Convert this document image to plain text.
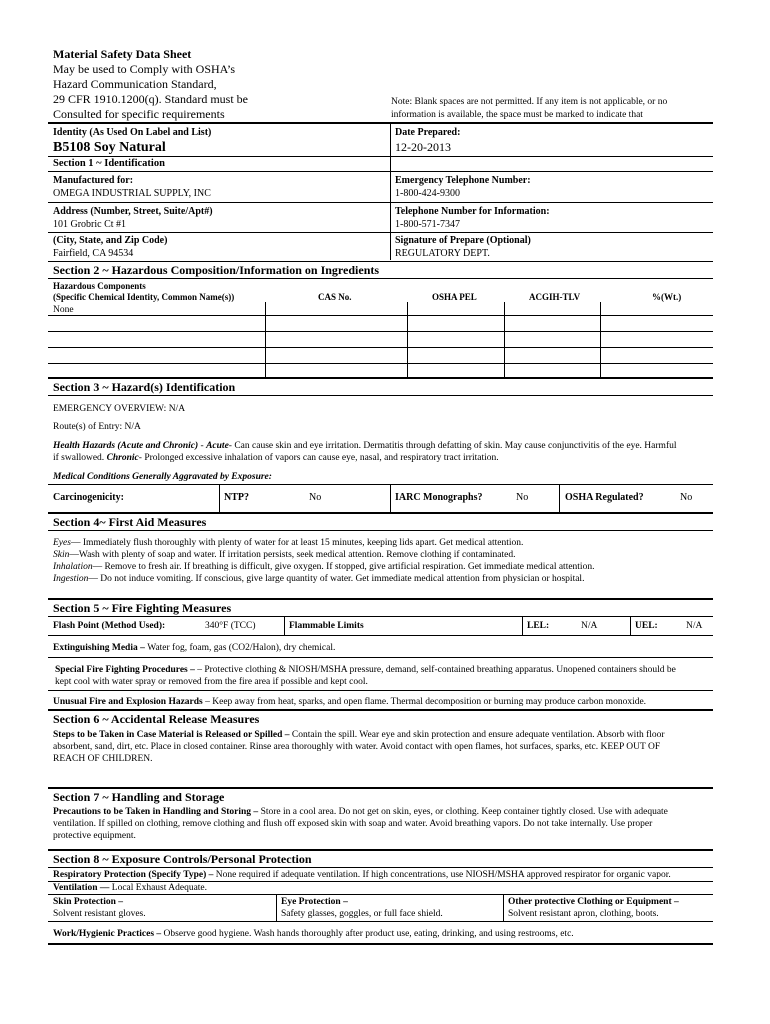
Material Safety Data Sheet
May be used to Comply with OSHA’s
Hazard Communication Standard,
29 CFR 1910.1200(q). Standard must be
Consulted for specific requirements
Note: Blank spaces are not permitted. If any item is not applicable, or no
information is available, the space must be marked to indicate that
Identity (As Used On Label and List)
B5108 Soy Natural
Date Prepared:
12-20-2013
Section 1 ~ Identification
Manufactured for:
OMEGA INDUSTRIAL SUPPLY, INC
Emergency Telephone Number:
1-800-424-9300
Address (Number, Street, Suite/Apt#)
101 Grobric Ct #1
Telephone Number for Information:
1-800-571-7347
(City, State, and Zip Code)
Fairfield, CA 94534
Signature of Prepare (Optional)
REGULATORY DEPT.
Section 2 ~ Hazardous Composition/Information on Ingredients
Hazardous Components
(Specific Chemical Identity, Common Name(s))	CAS No.	OSHA PEL	ACGIH-TLV	%(Wt.)
None
Section 3 ~ Hazard(s) Identification
EMERGENCY OVERVIEW: N/A
Route(s) of Entry: N/A
Health Hazards (Acute and Chronic) - Acute- Can cause skin and eye irritation. Dermatitis through defatting of skin. May cause conjunctivitis of the eye. Harmful
if swallowed. Chronic- Prolonged excessive inhalation of vapors can cause eye, nasal, and respiratory tract irritation.
Medical Conditions Generally Aggravated by Exposure:
Carcinogenicity:	NTP?	No	IARC Monographs?	No	OSHA Regulated?	No
Section 4~ First Aid Measures
Eyes— Immediately flush thoroughly with plenty of water for at least 15 minutes, keeping lids apart. Get medical attention.
Skin—Wash with plenty of soap and water. If irritation persists, seek medical attention. Remove clothing if contaminated.
Inhalation— Remove to fresh air. If breathing is difficult, give oxygen. If stopped, give artificial respiration. Get immediate medical attention.
Ingestion— Do not induce vomiting. If conscious, give large quantity of water. Get immediate medical attention from physician or hospital.
Section 5 ~ Fire Fighting Measures
Flash Point (Method Used):	340°F (TCC)	Flammable Limits	LEL:	N/A	UEL:	N/A
Extinguishing Media – Water fog, foam, gas (CO2/Halon), dry chemical.
Special Fire Fighting Procedures – – Protective clothing & NIOSH/MSHA pressure, demand, self-contained breathing apparatus. Unopened containers should be
kept cool with water spray or removed from the fire area if possible and kept cool.
Unusual Fire and Explosion Hazards – Keep away from heat, sparks, and open flame. Thermal decomposition or burning may produce carbon monoxide.
Section 6 ~ Accidental Release Measures
Steps to be Taken in Case Material is Released or Spilled – Contain the spill. Wear eye and skin protection and ensure adequate ventilation. Absorb with floor
absorbent, sand, dirt, etc. Place in closed container. Rinse area thoroughly with water. Avoid contact with open flames, hot surfaces, sparks, etc. KEEP OUT OF
REACH OF CHILDREN.
Section 7 ~ Handling and Storage
Precautions to be Taken in Handling and Storing – Store in a cool area. Do not get on skin, eyes, or clothing. Keep container tightly closed. Use with adequate
ventilation. If spilled on clothing, remove clothing and flush off exposed skin with soap and water. Avoid breathing vapors. Do not take internally. Use proper
protective equipment.
Section 8 ~ Exposure Controls/Personal Protection
Respiratory Protection (Specify Type) – None required if adequate ventilation. If high concentrations, use NIOSH/MSHA approved respirator for organic vapor.
Ventilation — Local Exhaust Adequate.
Skin Protection –
Solvent resistant gloves.
Eye Protection –
Safety glasses, goggles, or full face shield.
Other protective Clothing or Equipment –
Solvent resistant apron, clothing, boots.
Work/Hygienic Practices – Observe good hygiene. Wash hands thoroughly after product use, eating, drinking, and using restrooms, etc.
